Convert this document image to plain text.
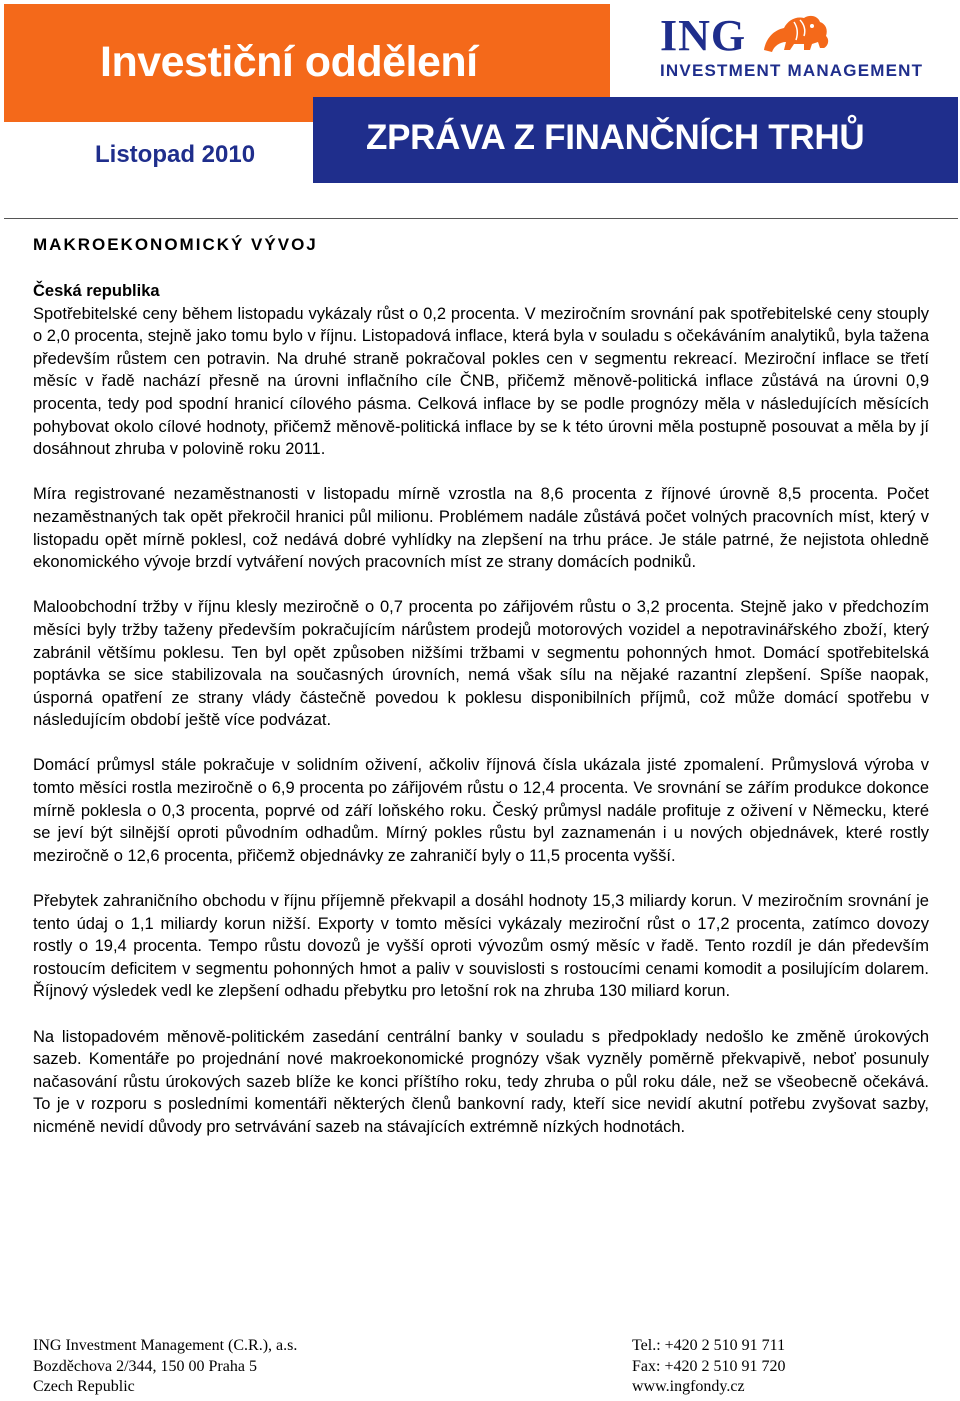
Investiční oddělení
Listopad 2010	ZPRÁVA Z FINANČNÍCH TRHŮ
ING
INVESTMENT MANAGEMENT
MAKROEKONOMICKÝ VÝVOJ
Česká republika

Spotřebitelské ceny během listopadu vykázaly růst o 0,2 procenta. V meziročním srovnání pak spotřebitelské ceny stouply o 2,0 procenta, stejně jako tomu bylo v říjnu. Listopadová inflace, která byla v souladu s očekáváním analytiků, byla tažena především růstem cen potravin. Na druhé straně pokračoval pokles cen v segmentu rekreací. Meziroční inflace se třetí měsíc v řadě nachází přesně na úrovni inflačního cíle ČNB, přičemž měnově-politická inflace zůstává na úrovni 0,9 procenta, tedy pod spodní hranicí cílového pásma. Celková inflace by se podle prognózy měla v následujících měsících pohybovat okolo cílové hodnoty, přičemž měnově-politická inflace by se k této úrovni měla postupně posouvat a měla by jí dosáhnout zhruba v polovině roku 2011.

Míra registrované nezaměstnanosti v listopadu mírně vzrostla na 8,6 procenta z říjnové úrovně 8,5 procenta. Počet nezaměstnaných tak opět překročil hranici půl milionu. Problémem nadále zůstává počet volných pracovních míst, který v listopadu opět mírně poklesl, což nedává dobré vyhlídky na zlepšení na trhu práce. Je stále patrné, že nejistota ohledně ekonomického vývoje brzdí vytváření nových pracovních míst ze strany domácích podniků.

Maloobchodní tržby v říjnu klesly meziročně o 0,7 procenta po zářijovém růstu o 3,2 procenta. Stejně jako v předchozím měsíci byly tržby taženy především pokračujícím nárůstem prodejů motorových vozidel a nepotravinářského zboží, který zabránil většímu poklesu. Ten byl opět způsoben nižšími tržbami v segmentu pohonných hmot. Domácí spotřebitelská poptávka se sice stabilizovala na současných úrovních, nemá však sílu na nějaké razantní zlepšení. Spíše naopak, úsporná opatření ze strany vlády částečně povedou k poklesu disponibilních příjmů, což může domácí spotřebu v následujícím období ještě více podvázat.

Domácí průmysl stále pokračuje v solidním oživení, ačkoliv říjnová čísla ukázala jisté zpomalení. Průmyslová výroba v tomto měsíci rostla meziročně o 6,9 procenta po zářijovém růstu o 12,4 procenta. Ve srovnání se zářím produkce dokonce mírně poklesla o 0,3 procenta, poprvé od září loňského roku. Český průmysl nadále profituje z oživení v Německu, které se jeví být silnější oproti původním odhadům. Mírný pokles růstu byl zaznamenán i u nových objednávek, které rostly meziročně o 12,6 procenta, přičemž objednávky ze zahraničí byly o 11,5 procenta vyšší.

Přebytek zahraničního obchodu v říjnu příjemně překvapil a dosáhl hodnoty 15,3 miliardy korun. V meziročním srovnání je tento údaj o 1,1 miliardy korun nižší. Exporty v tomto měsíci vykázaly meziroční růst o 17,2 procenta, zatímco dovozy rostly o 19,4 procenta. Tempo růstu dovozů je vyšší oproti vývozům osmý měsíc v řadě. Tento rozdíl je dán především rostoucím deficitem v segmentu pohonných hmot a paliv v souvislosti s rostoucími cenami komodit a posilujícím dolarem. Říjnový výsledek vedl ke zlepšení odhadu přebytku pro letošní rok na zhruba 130 miliard korun.

Na listopadovém měnově-politickém zasedání centrální banky v souladu s předpoklady nedošlo ke změně úrokových sazeb. Komentáře po projednání nové makroekonomické prognózy však vyzněly poměrně překvapivě, neboť posunuly načasování růstu úrokových sazeb blíže ke konci příštího roku, tedy zhruba o půl roku dále, než se všeobecně očekává. To je v rozporu s posledními komentáři některých členů bankovní rady, kteří sice nevidí akutní potřebu zvyšovat sazby, nicméně nevidí důvody pro setrvávání sazeb na stávajících extrémně nízkých hodnotách.

ING Investment Management (C.R.), a.s.
Bozděchova 2/344, 150 00 Praha 5
Czech Republic
Tel.: +420 2 510 91 711
Fax: +420 2 510 91 720
www.ingfondy.cz
